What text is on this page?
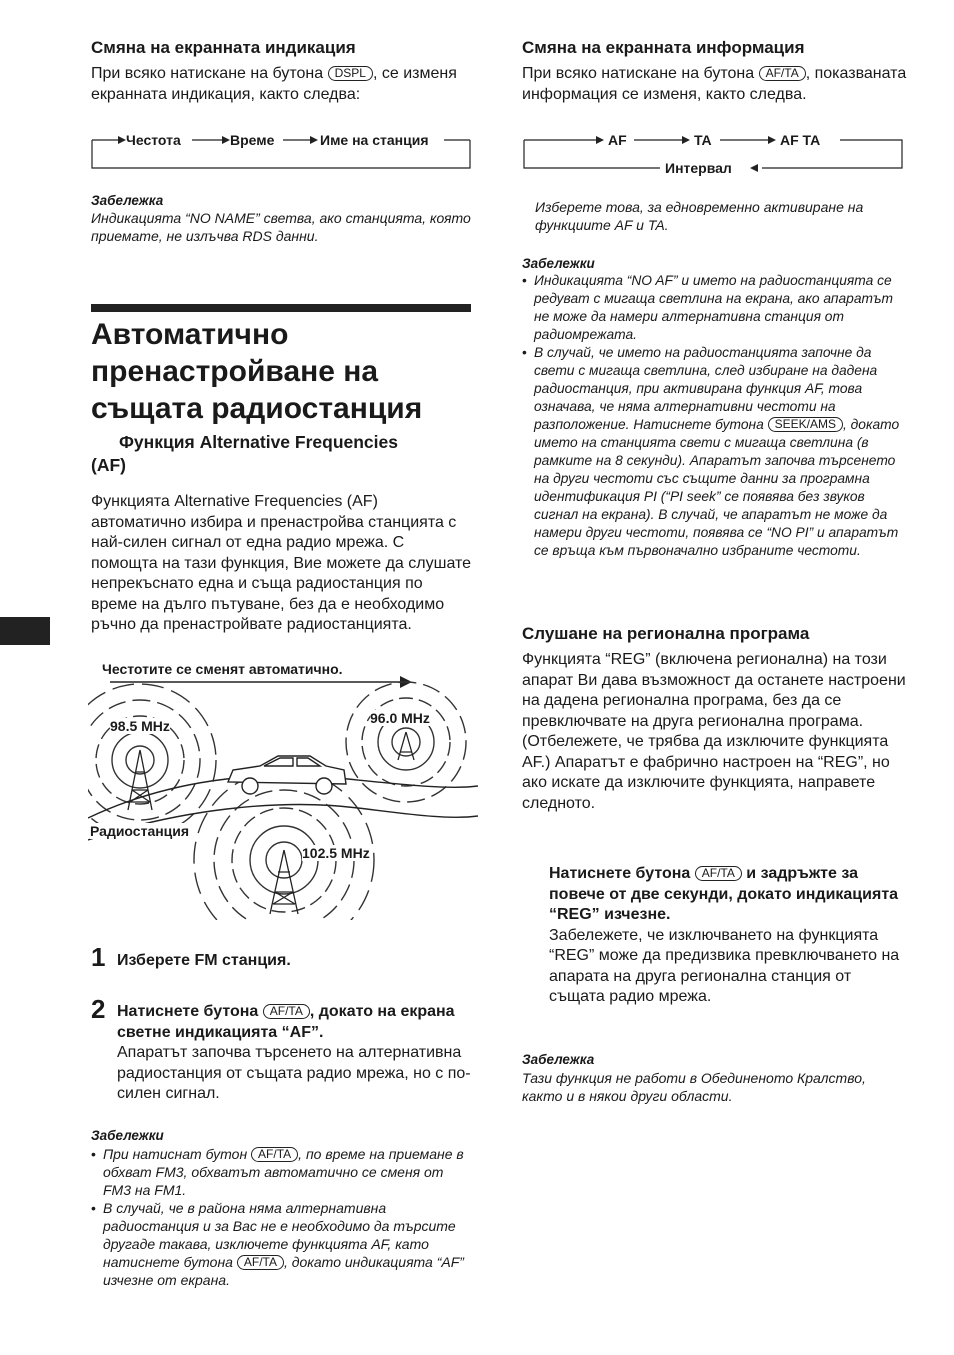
Смяна на екранната индикация
При всяко натискане на бутона DSPL , се изменя екранната индикация, както следва:
Честота	Време	Име на станция
Забележка
Индикацията “NO NAME” светва, ако станцията, която приемате, не излъчва RDS данни.
Автоматично
пренастройване на
същата радиостанция
Функция Alternative Frequencies
(AF)
Функцията Alternative Frequencies (AF) автоматично избира и пренастройва станцията с най-силен сигнал от една радио мрежа. С помощта на тази функция, Вие можете да слушате непрекъснато една и съща радиостанция по време на дълго пътуване, без да е необходимо ръчно да пренастройвате радиостанцията.
Честотите се сменят автоматично.
98.5 MHz	96.0 MHz
102.5 MHz
Радиостанция
1 Изберете FM станция.
2 Натиснете бутона AF/TA , докато на екрана светне индикацията “AF”.
Апаратът започва търсенето на алтернативна радиостанция от същата радио мрежа, но с по-силен сигнал.
Забележки
• При натиснат бутон AF/TA , по време на приемане в обхват FM3, обхватът автоматично се сменя от FM3 на FM1.
• В случай, че в района няма алтернативна радиостанция и за Вас не е необходимо да търсите другаде такава, изключете функцията AF, като натиснете бутона AF/TA , докато индикацията “AF” изчезне от екрана.
Смяна на екранната информация
При всяко натискане на бутона AF/TA , показваната информация се изменя, както следва.
AF	TA	AF TA
Интервал
Изберете това, за едновременно активиране на функциите AF и TA.
Забележки
• Индикацията “NO AF” и името на радиостанцията се редуват с мигаща светлина на екрана, ако апаратът не може да намери алтернативна станция от радиомрежата.
• В случай, че името на радиостанцията започне да свети с мигаща светлина, след избиране на дадена радиостанция, при активирана функция AF, това означава, че няма алтернативни честоти на разположение. Натиснете бутона SEEK/AMS , докато името на станцията свети с мигаща светлина (в рамките на 8 секунди). Апаратът започва търсенето на други честоти със същите данни за програмна идентификация PI (“PI seek” се появява без звуков сигнал на екрана). В случай, че апаратът не може да намери други честоти, появява се “NO PI” и апаратът се връща към първоначално избраните честоти.
Слушане на регионална програма
Функцията “REG” (включена регионална) на този апарат Ви дава възможност да останете настроени на дадена регионална програма, без да се превключвате на друга регионална програма. (Отбележете, че трябва да изключите функцията AF.) Апаратът е фабрично настроен на “REG”, но ако искате да изключите функцията, направете следното.
Натиснете бутона AF/TA и задръжте за повече от две секунди, докато индикацията “REG” изчезне.
Забележете, че изключването на функцията “REG” може да предизвика превключването на апарата на друга регионална станция от същата радио мрежа.
Забележка
Тази функция не работи в Обединеното Кралство, както и в някои други области.
